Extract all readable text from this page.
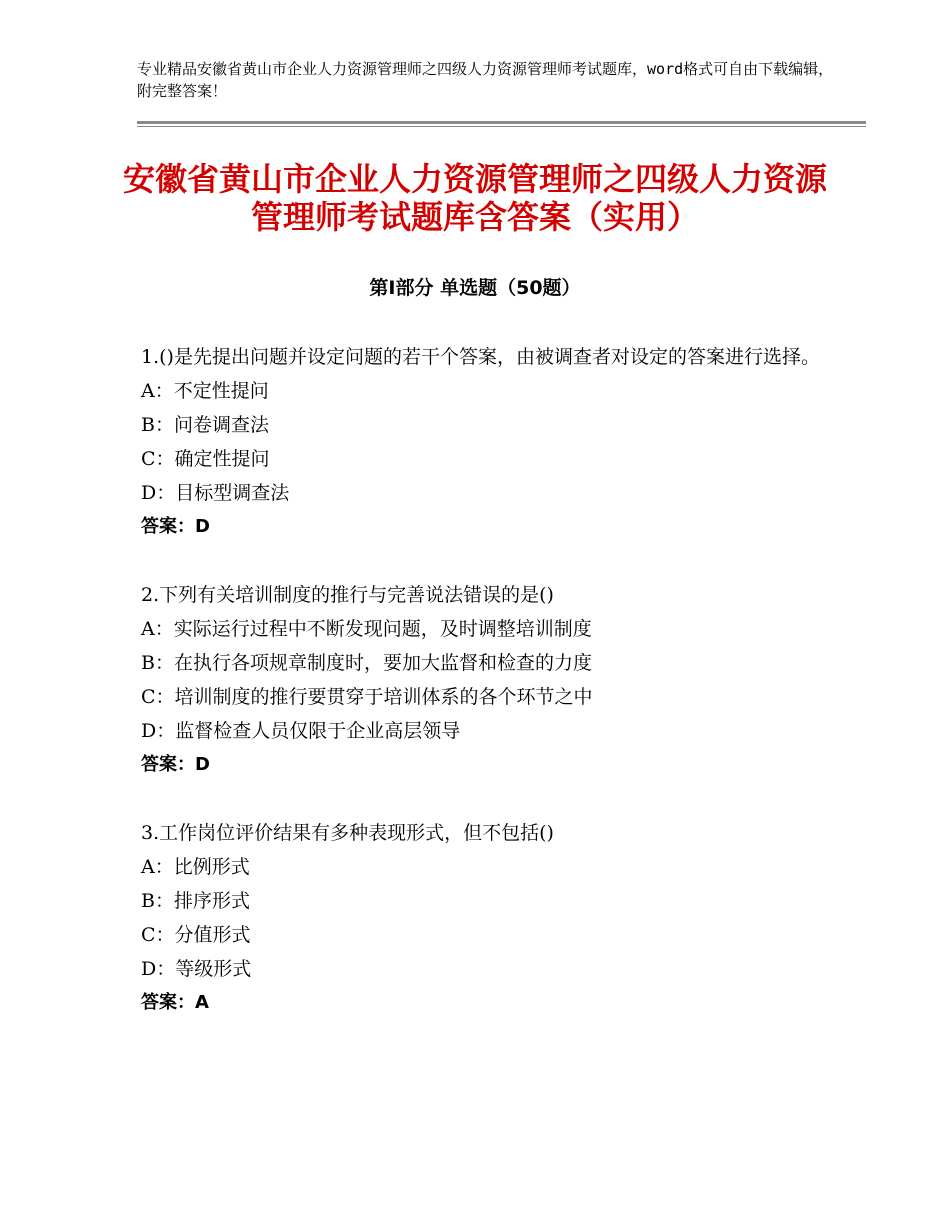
专业精品安徽省黄山市企业人力资源管理师之四级人力资源管理师考试题库，word格式可自由下载编辑，附完整答案！
安徽省黄山市企业人力资源管理师之四级人力资源管理师考试题库含答案（实用）
第Ⅰ部分 单选题（50题）
1.()是先提出问题并设定问题的若干个答案，由被调查者对设定的答案进行选择。
A：不定性提问
B：问卷调查法
C：确定性提问
D：目标型调查法
答案：D
2.下列有关培训制度的推行与完善说法错误的是()
A：实际运行过程中不断发现问题，及时调整培训制度
B：在执行各项规章制度时，要加大监督和检查的力度
C：培训制度的推行要贯穿于培训体系的各个环节之中
D：监督检查人员仅限于企业高层领导
答案：D
3.工作岗位评价结果有多种表现形式，但不包括()
A：比例形式
B：排序形式
C：分值形式
D：等级形式
答案：A
